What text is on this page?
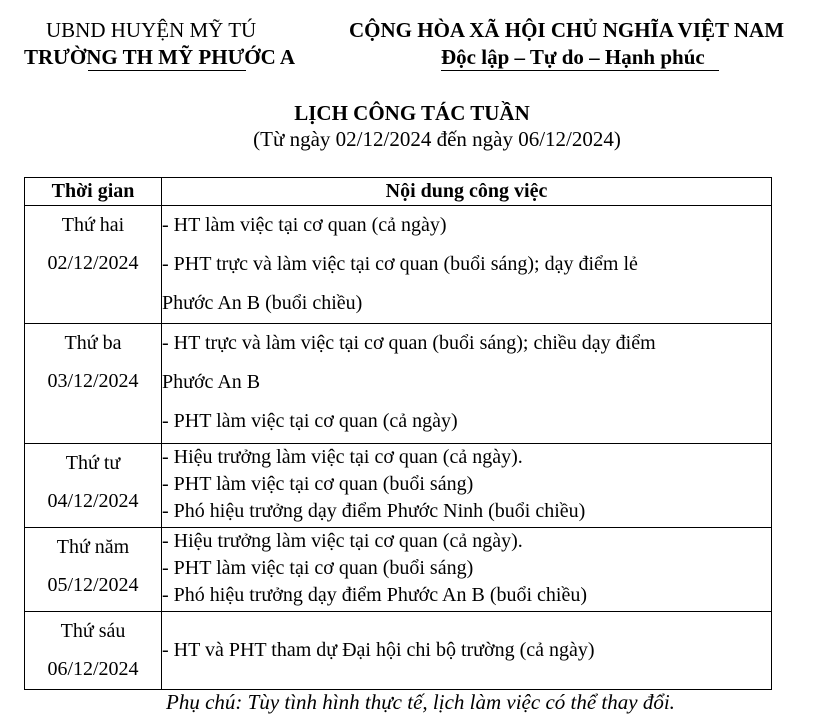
UBND HUYỆN MỸ TÚ
TRƯỜNG TH MỸ PHƯỚC A
CỘNG HÒA XÃ HỘI CHỦ NGHĨA VIỆT NAM
Độc lập – Tự do – Hạnh phúc
LỊCH CÔNG TÁC TUẦN
(Từ ngày 02/12/2024 đến ngày 06/12/2024)
Thời gian	Nội dung công việc

Thứ hai
02/12/2024	- HT làm việc tại cơ quan (cả ngày)
- PHT trực và làm việc tại cơ quan (buổi sáng); dạy điểm lẻ
Phước An B (buổi chiều)

Thứ ba
03/12/2024	- HT trực và làm việc tại cơ quan (buổi sáng); chiều dạy điểm
Phước An B
- PHT làm việc tại cơ quan (cả ngày)

Thứ tư
04/12/2024	- Hiệu trưởng làm việc tại cơ quan (cả ngày).
- PHT làm việc tại cơ quan (buổi sáng)
- Phó hiệu trưởng dạy điểm Phước Ninh (buổi chiều)

Thứ năm
05/12/2024	- Hiệu trưởng làm việc tại cơ quan (cả ngày).
- PHT làm việc tại cơ quan (buổi sáng)
- Phó hiệu trưởng dạy điểm Phước An B (buổi chiều)

Thứ sáu
06/12/2024	- HT và PHT tham dự Đại hội chi bộ trường (cả ngày)
Phụ chú: Tùy tình hình thực tế, lịch làm việc có thể thay đổi.
